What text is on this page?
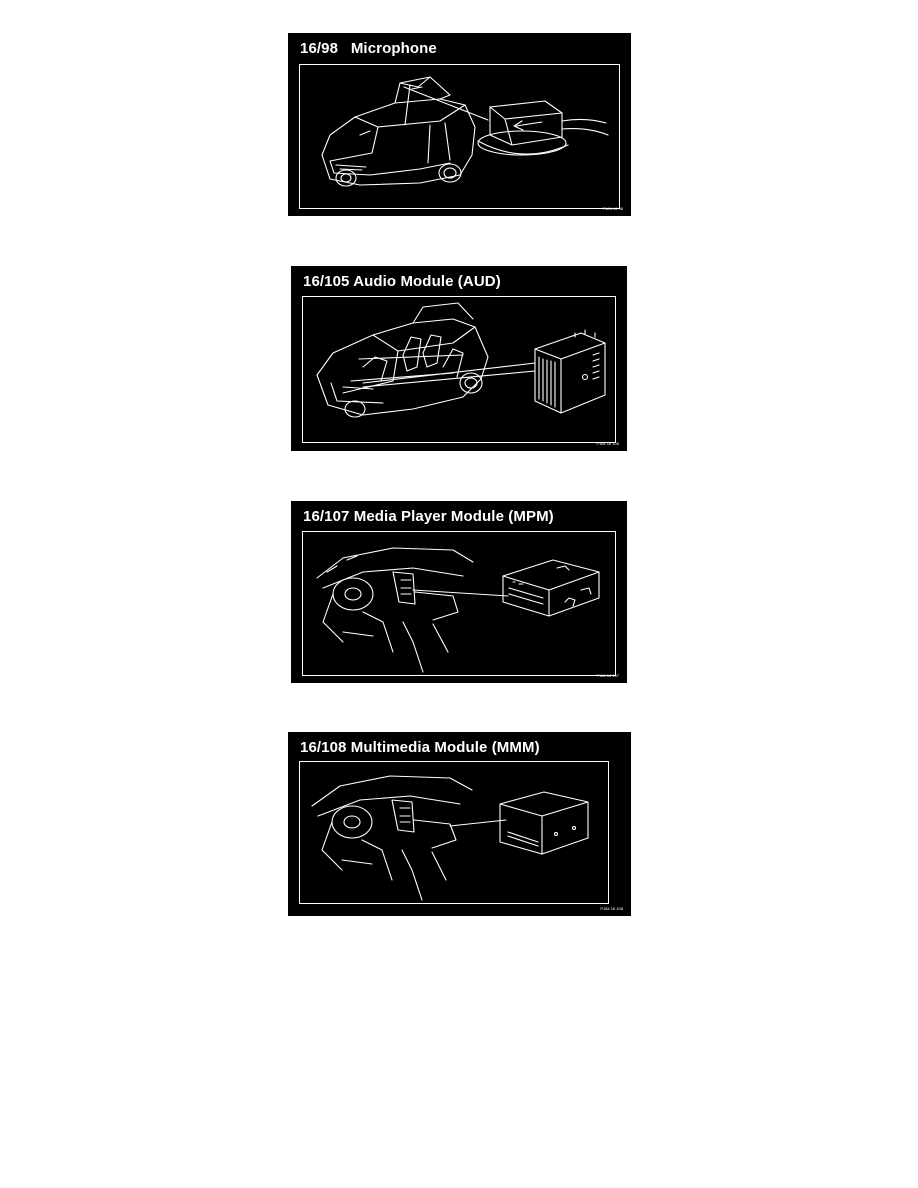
16/98   Microphone
P184 16 98
16/105 Audio Module (AUD)
P184 16 105
16/107 Media Player Module (MPM)
P184 16 107
16/108 Multimedia Module (MMM)
P184 16 108
